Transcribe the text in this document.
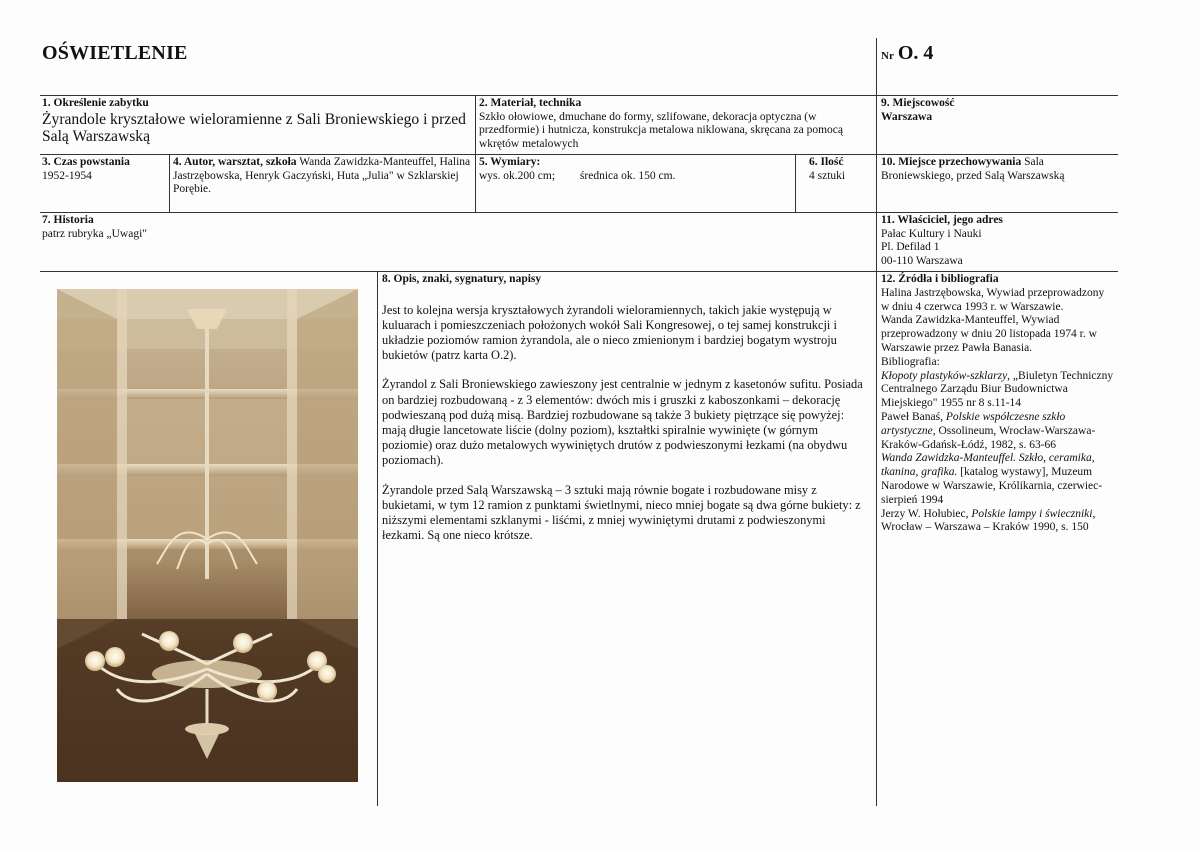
OŚWIETLENIE	Nr O. 4
1. Określenie zabytku
Żyrandole kryształowe wieloramienne z Sali Broniewskiego i przed Salą Warszawską
2. Materiał, technika
Szkło ołowiowe, dmuchane do formy, szlifowane, dekoracja optyczna (w przedformie) i hutnicza, konstrukcja metalowa niklowana, skręcana za pomocą wkrętów metalowych
9. Miejscowość
Warszawa
3. Czas powstania
1952-1954
4. Autor, warsztat, szkoła Wanda Zawidzka-Manteuffel, Halina Jastrzębowska, Henryk Gaczyński, Huta „Julia" w Szklarskiej Porębie.
5. Wymiary:
wys. ok.200 cm; średnica ok. 150 cm.
6. Ilość
4 sztuki
10. Miejsce przechowywania Sala Broniewskiego, przed Salą Warszawską
7. Historia
patrz rubryka „Uwagi"
11. Właściciel, jego adres
Pałac Kultury i Nauki
Pl. Defilad 1
00-110 Warszawa
8. Opis, znaki, sygnatury, napisy

Jest to kolejna wersja kryształowych żyrandoli wieloramiennych, takich jakie występują w kuluarach i pomieszczeniach położonych wokół Sali Kongresowej, o tej samej konstrukcji i układzie poziomów ramion żyrandola, ale o nieco zmienionym i bardziej bogatym wystroju bukietów (patrz karta O.2).

Żyrandol z Sali Broniewskiego zawieszony jest centralnie w jednym z kasetonów sufitu. Posiada on bardziej rozbudowaną - z 3 elementów: dwóch mis i gruszki z kaboszonkami – dekorację podwieszaną pod dużą misą. Bardziej rozbudowane są także 3 bukiety piętrzące się powyżej: mają długie lancetowate liście (dolny poziom), kształtki spiralnie wywinięte (w górnym poziomie) oraz dużo metalowych wywiniętych drutów z podwieszonymi łezkami (na obydwu poziomach).

Żyrandole przed Salą Warszawską – 3 sztuki mają równie bogate i rozbudowane misy z bukietami, w tym 12 ramion z punktami świetlnymi, nieco mniej bogate są dwa górne bukiety: z niższymi elementami szklanymi - liśćmi, z mniej wywiniętymi drutami z podwieszonymi łezkami. Są one nieco krótsze.

12. Źródła i bibliografia
Halina Jastrzębowska, Wywiad przeprowadzony w dniu 4 czerwca 1993 r. w Warszawie.
Wanda Zawidzka-Manteuffel, Wywiad przeprowadzony w dniu 20 listopada 1974 r. w Warszawie przez Pawła Banasia.
Bibliografia:
Kłopoty plastyków-szklarzy, „Biuletyn Techniczny Centralnego Zarządu Biur Budownictwa Miejskiego" 1955 nr 8 s.11-14
Paweł Banaś, Polskie współczesne szkło artystyczne, Ossolineum, Wrocław-Warszawa-Kraków-Gdańsk-Łódź, 1982, s. 63-66
Wanda Zawidzka-Manteuffel. Szkło, ceramika, tkanina, grafika. [katalog wystawy], Muzeum Narodowe w Warszawie, Królikarnia, czerwiec-sierpień 1994
Jerzy W. Hołubiec, Polskie lampy i świeczniki, Wrocław – Warszawa – Kraków 1990, s. 150
